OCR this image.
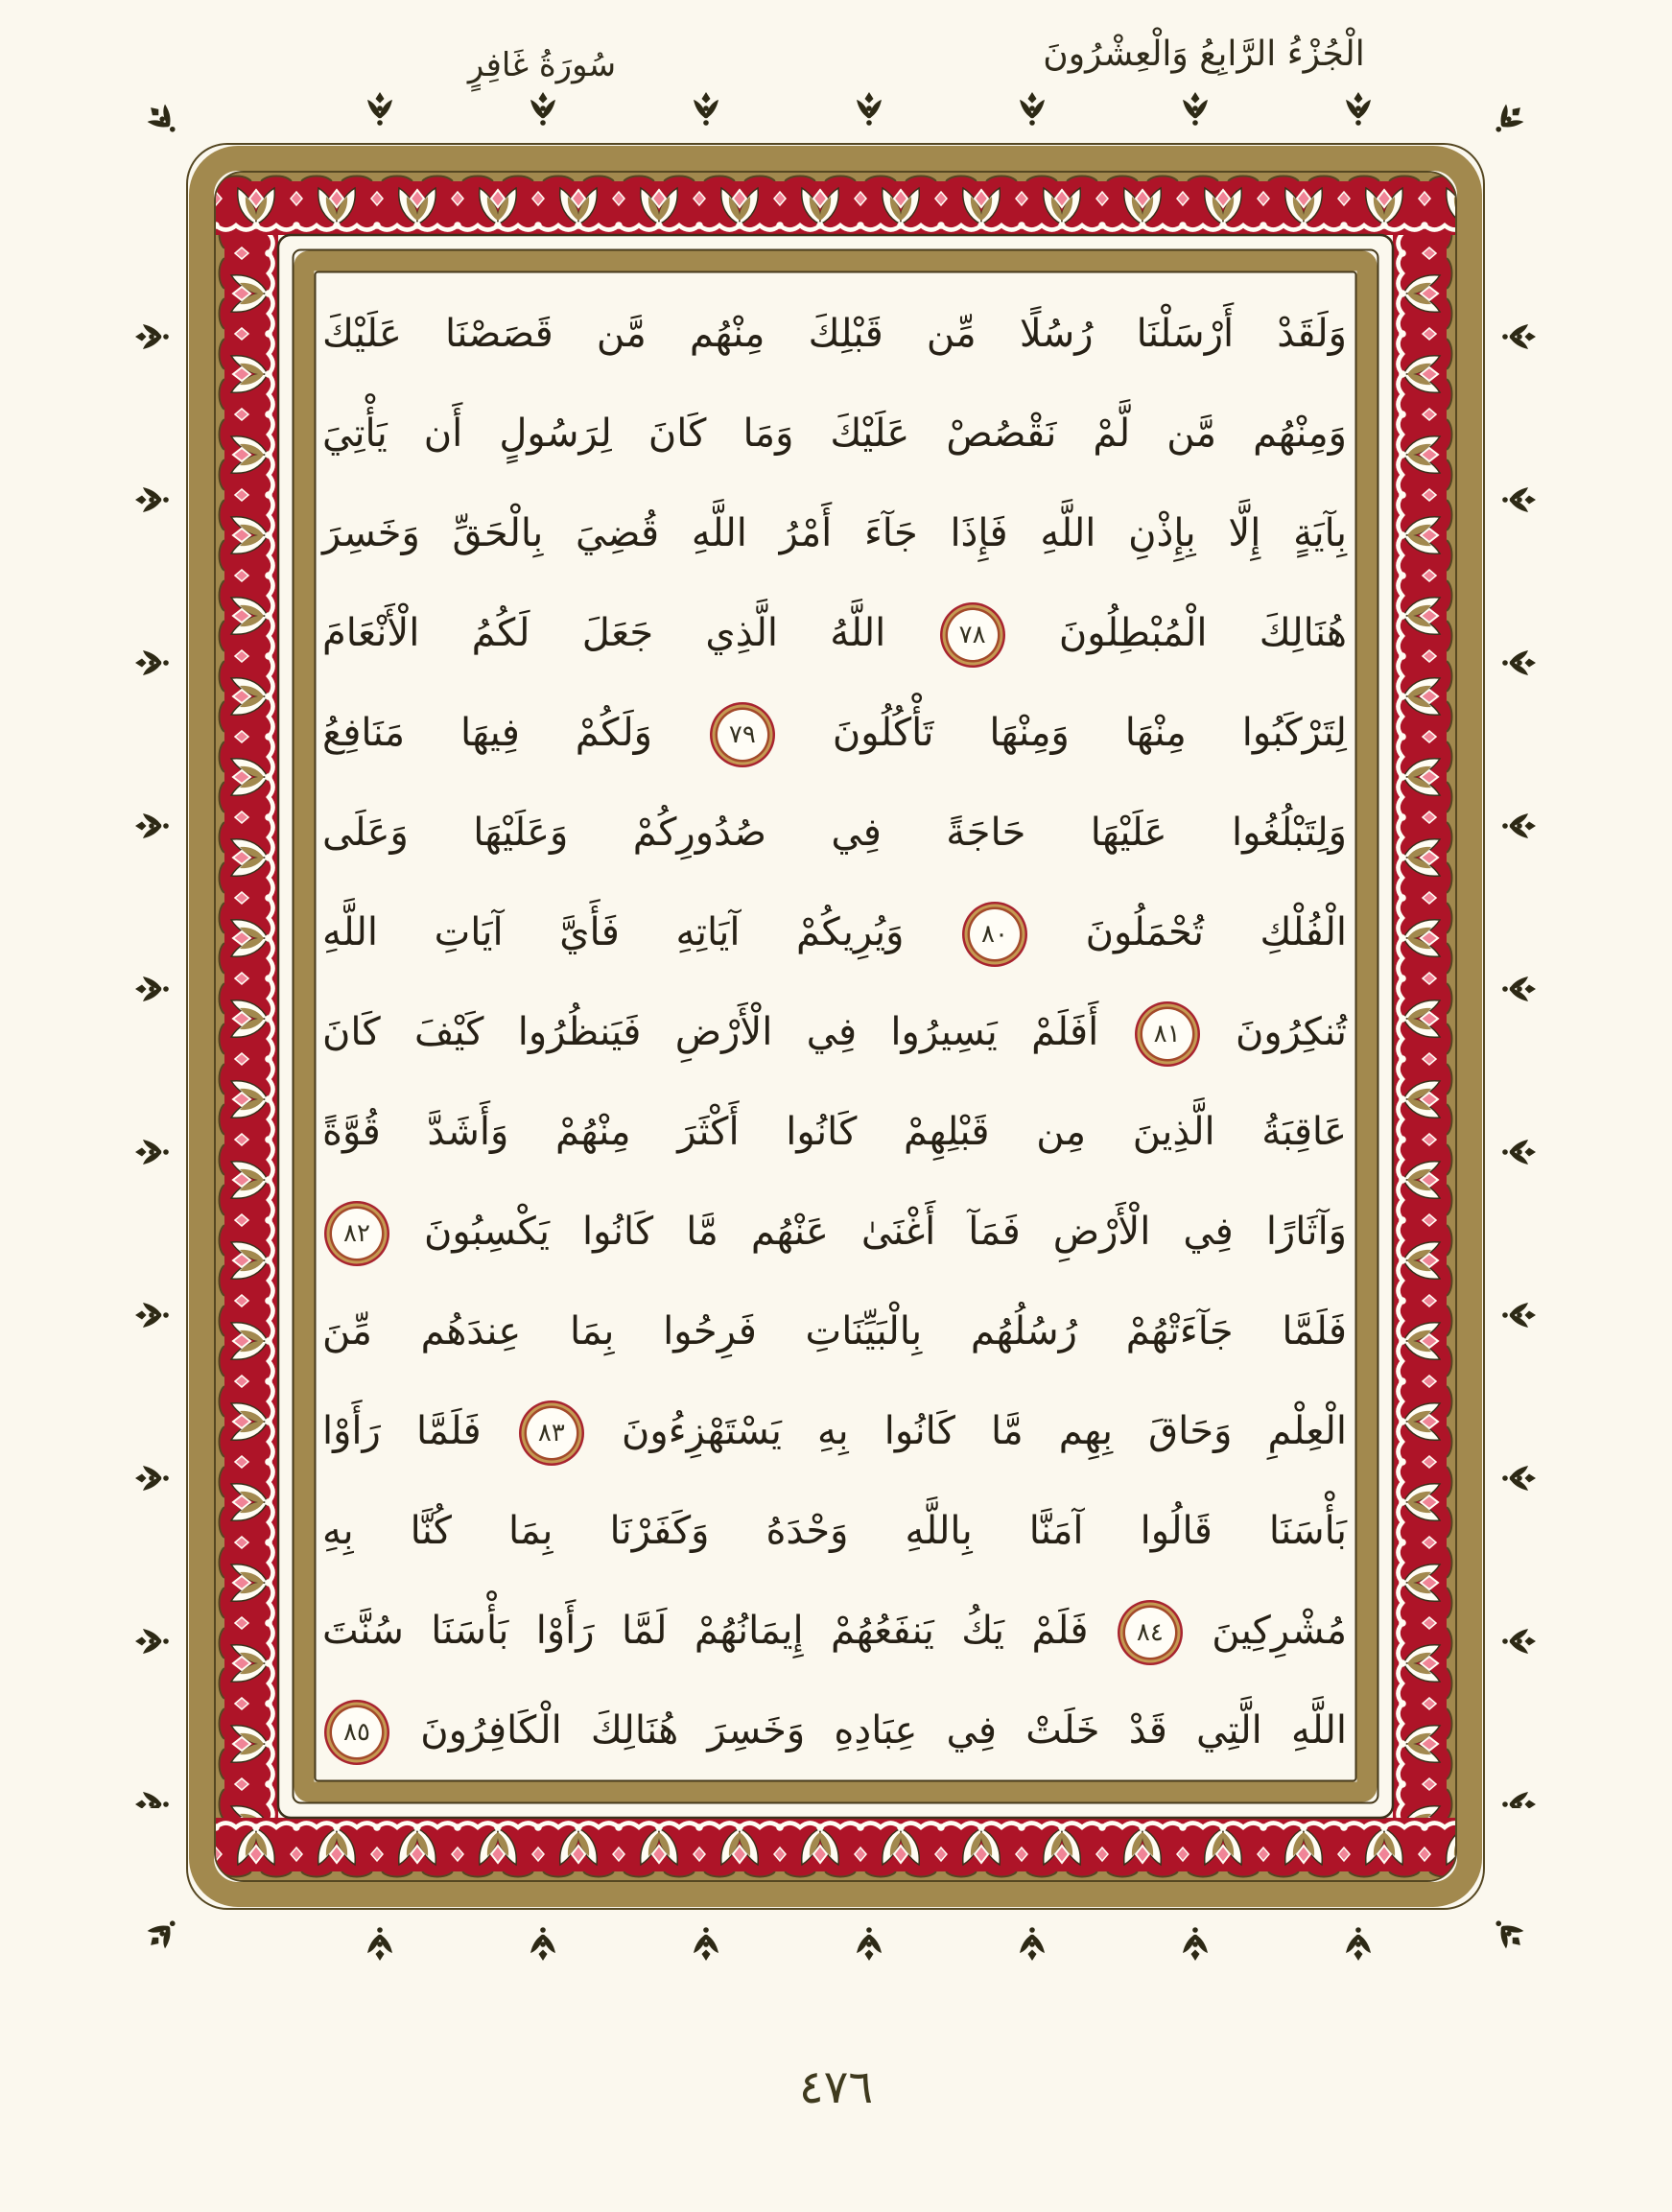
سُورَةُ غَافِرٍ	الْجُزْءُ الرَّابِعُ وَالْعِشْرُونَ
وَلَقَدْ أَرْسَلْنَا رُسُلًا مِّن قَبْلِكَ مِنْهُم مَّن قَصَصْنَا عَلَيْكَ
وَمِنْهُم مَّن لَّمْ نَقْصُصْ عَلَيْكَ وَمَا كَانَ لِرَسُولٍ أَن يَأْتِيَ
بِآيَةٍ إِلَّا بِإِذْنِ اللَّهِ فَإِذَا جَآءَ أَمْرُ اللَّهِ قُضِيَ بِالْحَقِّ وَخَسِرَ
هُنَالِكَ الْمُبْطِلُونَ
٧٨
اللَّهُ الَّذِي جَعَلَ لَكُمُ الْأَنْعَامَ
لِتَرْكَبُوا مِنْهَا وَمِنْهَا تَأْكُلُونَ
٧٩
وَلَكُمْ فِيهَا مَنَافِعُ
وَلِتَبْلُغُوا عَلَيْهَا حَاجَةً فِي صُدُورِكُمْ وَعَلَيْهَا وَعَلَى
الْفُلْكِ تُحْمَلُونَ
٨٠
وَيُرِيكُمْ آيَاتِهِ فَأَيَّ آيَاتِ اللَّهِ
تُنكِرُونَ
٨١
أَفَلَمْ يَسِيرُوا فِي الْأَرْضِ فَيَنظُرُوا كَيْفَ كَانَ
عَاقِبَةُ الَّذِينَ مِن قَبْلِهِمْ كَانُوا أَكْثَرَ مِنْهُمْ وَأَشَدَّ قُوَّةً
وَآثَارًا فِي الْأَرْضِ فَمَآ أَغْنَىٰ عَنْهُم مَّا كَانُوا يَكْسِبُونَ
٨٢
فَلَمَّا جَآءَتْهُمْ رُسُلُهُم بِالْبَيِّنَاتِ فَرِحُوا بِمَا عِندَهُم مِّنَ
الْعِلْمِ وَحَاقَ بِهِم مَّا كَانُوا بِهِ يَسْتَهْزِءُونَ
٨٣
فَلَمَّا رَأَوْا
بَأْسَنَا قَالُوا آمَنَّا بِاللَّهِ وَحْدَهُ وَكَفَرْنَا بِمَا كُنَّا بِهِ
مُشْرِكِينَ
٨٤
فَلَمْ يَكُ يَنفَعُهُمْ إِيمَانُهُمْ لَمَّا رَأَوْا بَأْسَنَا سُنَّتَ
اللَّهِ الَّتِي قَدْ خَلَتْ فِي عِبَادِهِ وَخَسِرَ هُنَالِكَ الْكَافِرُونَ
٨٥
٤٧٦
